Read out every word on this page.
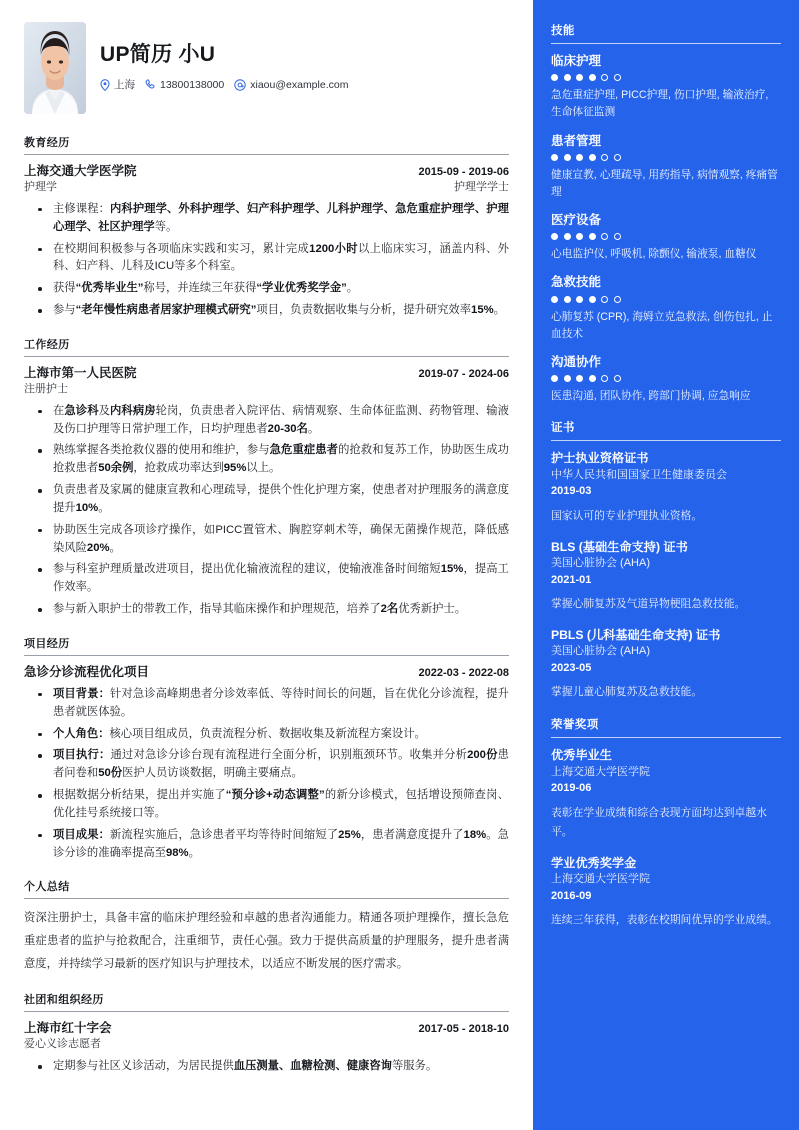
UP简历 小U
上海 13800138000 xiaou@example.com
教育经历
上海交通大学医学院	2015-09 - 2019-06
护理学	护理学学士
主修课程：内科护理学、外科护理学、妇产科护理学、儿科护理学、急危重症护理学、护理心理学、社区护理学等。
在校期间积极参与各项临床实践和实习，累计完成1200小时以上临床实习，涵盖内科、外科、妇产科、儿科及ICU等多个科室。
获得“优秀毕业生”称号，并连续三年获得“学业优秀奖学金”。
参与“老年慢性病患者居家护理模式研究”项目，负责数据收集与分析，提升研究效率15%。
工作经历
上海市第一人民医院	2019-07 - 2024-06
注册护士
在急诊科及内科病房轮岗，负责患者入院评估、病情观察、生命体征监测、药物管理、输液及伤口护理等日常护理工作，日均护理患者20-30名。
熟练掌握各类抢救仪器的使用和维护，参与急危重症患者的抢救和复苏工作，协助医生成功抢救患者50余例，抢救成功率达到95%以上。
负责患者及家属的健康宣教和心理疏导，提供个性化护理方案，使患者对护理服务的满意度提升10%。
协助医生完成各项诊疗操作，如PICC置管术、胸腔穿刺术等，确保无菌操作规范，降低感染风险20%。
参与科室护理质量改进项目，提出优化输液流程的建议，使输液准备时间缩短15%，提高工作效率。
参与新入职护士的带教工作，指导其临床操作和护理规范，培养了2名优秀新护士。
项目经历
急诊分诊流程优化项目	2022-03 - 2022-08
项目背景：针对急诊高峰期患者分诊效率低、等待时间长的问题，旨在优化分诊流程，提升患者就医体验。
个人角色：核心项目组成员，负责流程分析、数据收集及新流程方案设计。
项目执行：通过对急诊分诊台现有流程进行全面分析，识别瓶颈环节。收集并分析200份患者问卷和50份医护人员访谈数据，明确主要痛点。
根据数据分析结果，提出并实施了“预分诊+动态调整”的新分诊模式，包括增设预筛查岗、优化挂号系统接口等。
项目成果：新流程实施后，急诊患者平均等待时间缩短了25%，患者满意度提升了18%。急诊分诊的准确率提高至98%。
个人总结
资深注册护士，具备丰富的临床护理经验和卓越的患者沟通能力。精通各项护理操作，擅长急危重症患者的监护与抢救配合，注重细节，责任心强。致力于提供高质量的护理服务，提升患者满意度，并持续学习最新的医疗知识与护理技术，以适应不断发展的医疗需求。
社团和组织经历
上海市红十字会	2017-05 - 2018-10
爱心义诊志愿者
定期参与社区义诊活动，为居民提供血压测量、血糖检测、健康咨询等服务。
技能
临床护理
急危重症护理, PICC护理, 伤口护理, 输液治疗, 生命体征监测
患者管理
健康宣教, 心理疏导, 用药指导, 病情观察, 疼痛管理
医疗设备
心电监护仪, 呼吸机, 除颤仪, 输液泵, 血糖仪
急救技能
心肺复苏 (CPR), 海姆立克急救法, 创伤包扎, 止血技术
沟通协作
医患沟通, 团队协作, 跨部门协调, 应急响应
证书
护士执业资格证书
中华人民共和国国家卫生健康委员会
2019-03
国家认可的专业护理执业资格。
BLS (基础生命支持) 证书
美国心脏协会 (AHA)
2021-01
掌握心肺复苏及气道异物梗阻急救技能。
PBLS (儿科基础生命支持) 证书
美国心脏协会 (AHA)
2023-05
掌握儿童心肺复苏及急救技能。
荣誉奖项
优秀毕业生
上海交通大学医学院
2019-06
表彰在学业成绩和综合表现方面均达到卓越水平。
学业优秀奖学金
上海交通大学医学院
2016-09
连续三年获得，表彰在校期间优异的学业成绩。
